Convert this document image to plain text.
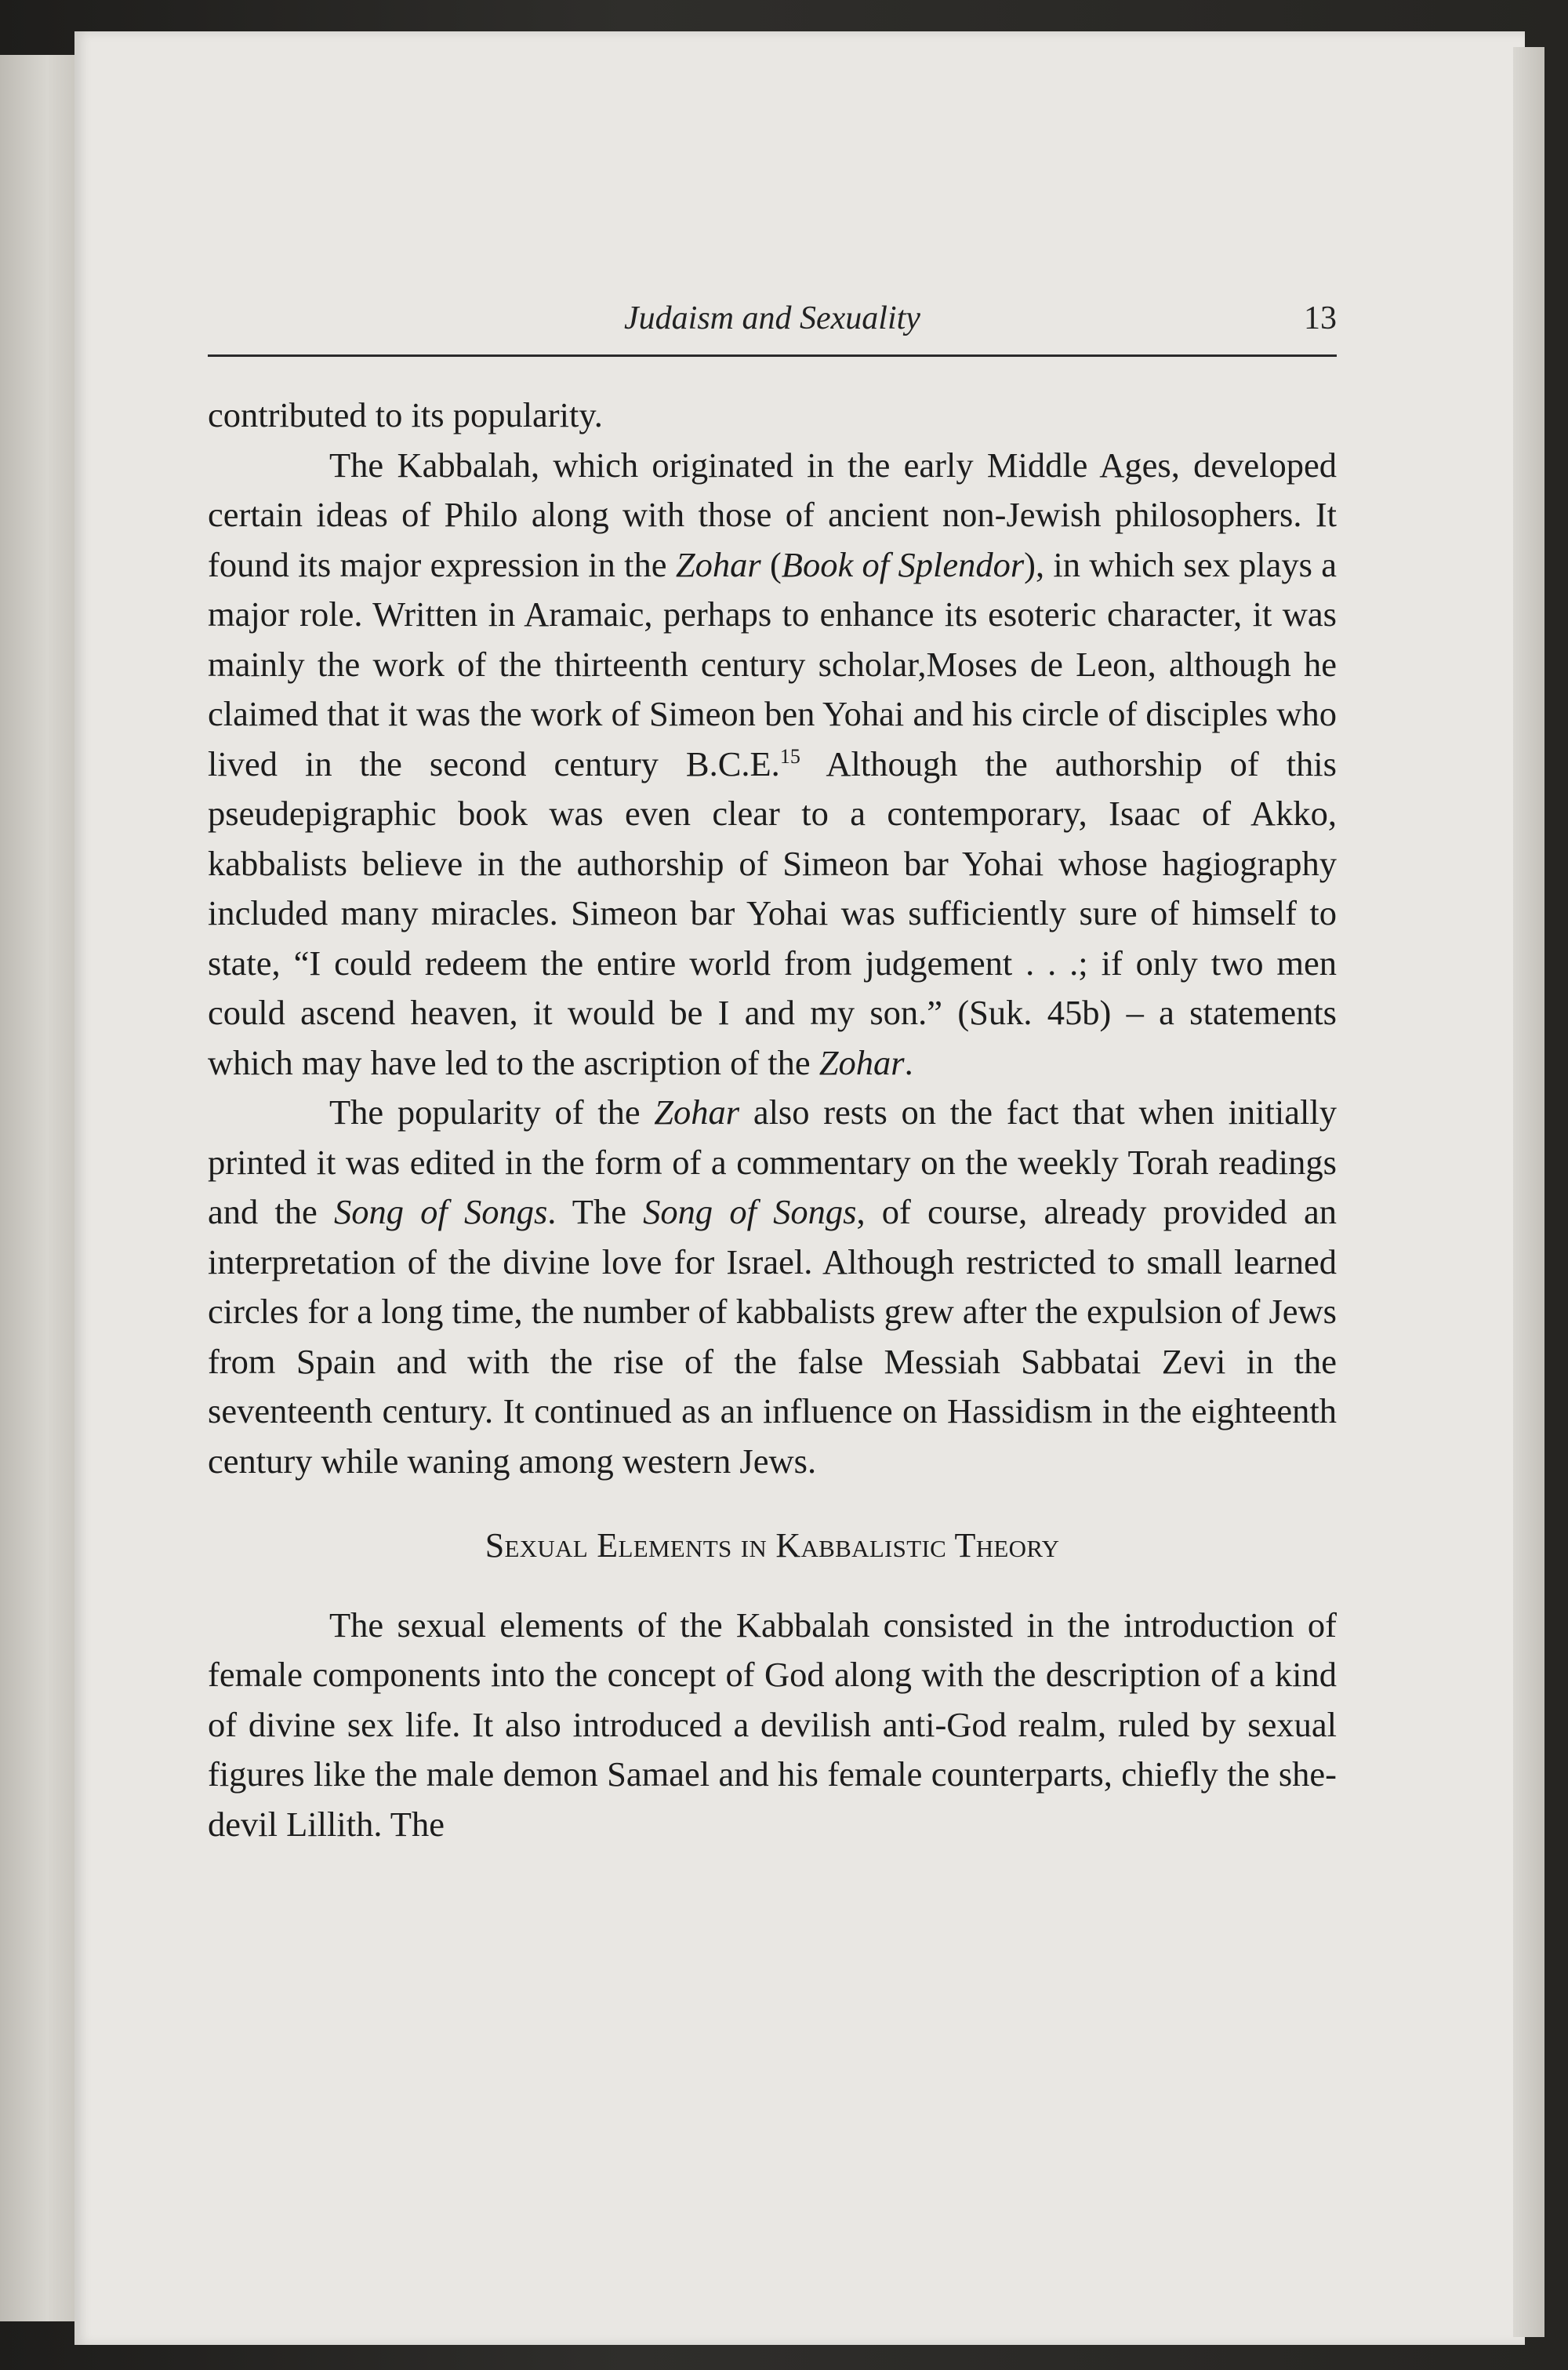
Judaism and Sexuality	13

contributed to its popularity.

The Kabbalah, which originated in the early Middle Ages, developed certain ideas of Philo along with those of ancient non-Jewish philosophers. It found its major expression in the Zohar (Book of Splendor), in which sex plays a major role. Written in Aramaic, perhaps to enhance its esoteric character, it was mainly the work of the thirteenth century scholar,Moses de Leon, although he claimed that it was the work of Simeon ben Yohai and his circle of disciples who lived in the second century B.C.E.$^{15}$ Although the authorship of this pseudepigraphic book was even clear to a contemporary, Isaac of Akko, kabbalists believe in the authorship of Simeon bar Yohai whose hagiography included many miracles. Simeon bar Yohai was sufficiently sure of himself to state, “I could redeem the entire world from judgement . . .; if only two men could ascend heaven, it would be I and my son.” (Suk. 45b) – a statements which may have led to the ascription of the Zohar.

The popularity of the Zohar also rests on the fact that when initially printed it was edited in the form of a commentary on the weekly Torah readings and the Song of Songs. The Song of Songs, of course, already provided an interpretation of the divine love for Israel. Although restricted to small learned circles for a long time, the number of kabbalists grew after the expulsion of Jews from Spain and with the rise of the false Messiah Sabbatai Zevi in the seventeenth century. It continued as an influence on Hassidism in the eighteenth century while waning among western Jews.

Sexual Elements in Kabbalistic Theory

The sexual elements of the Kabbalah consisted in the introduction of female components into the concept of God along with the description of a kind of divine sex life. It also introduced a devilish anti-God realm, ruled by sexual figures like the male demon Samael and his female counterparts, chiefly the she-devil Lillith. The
